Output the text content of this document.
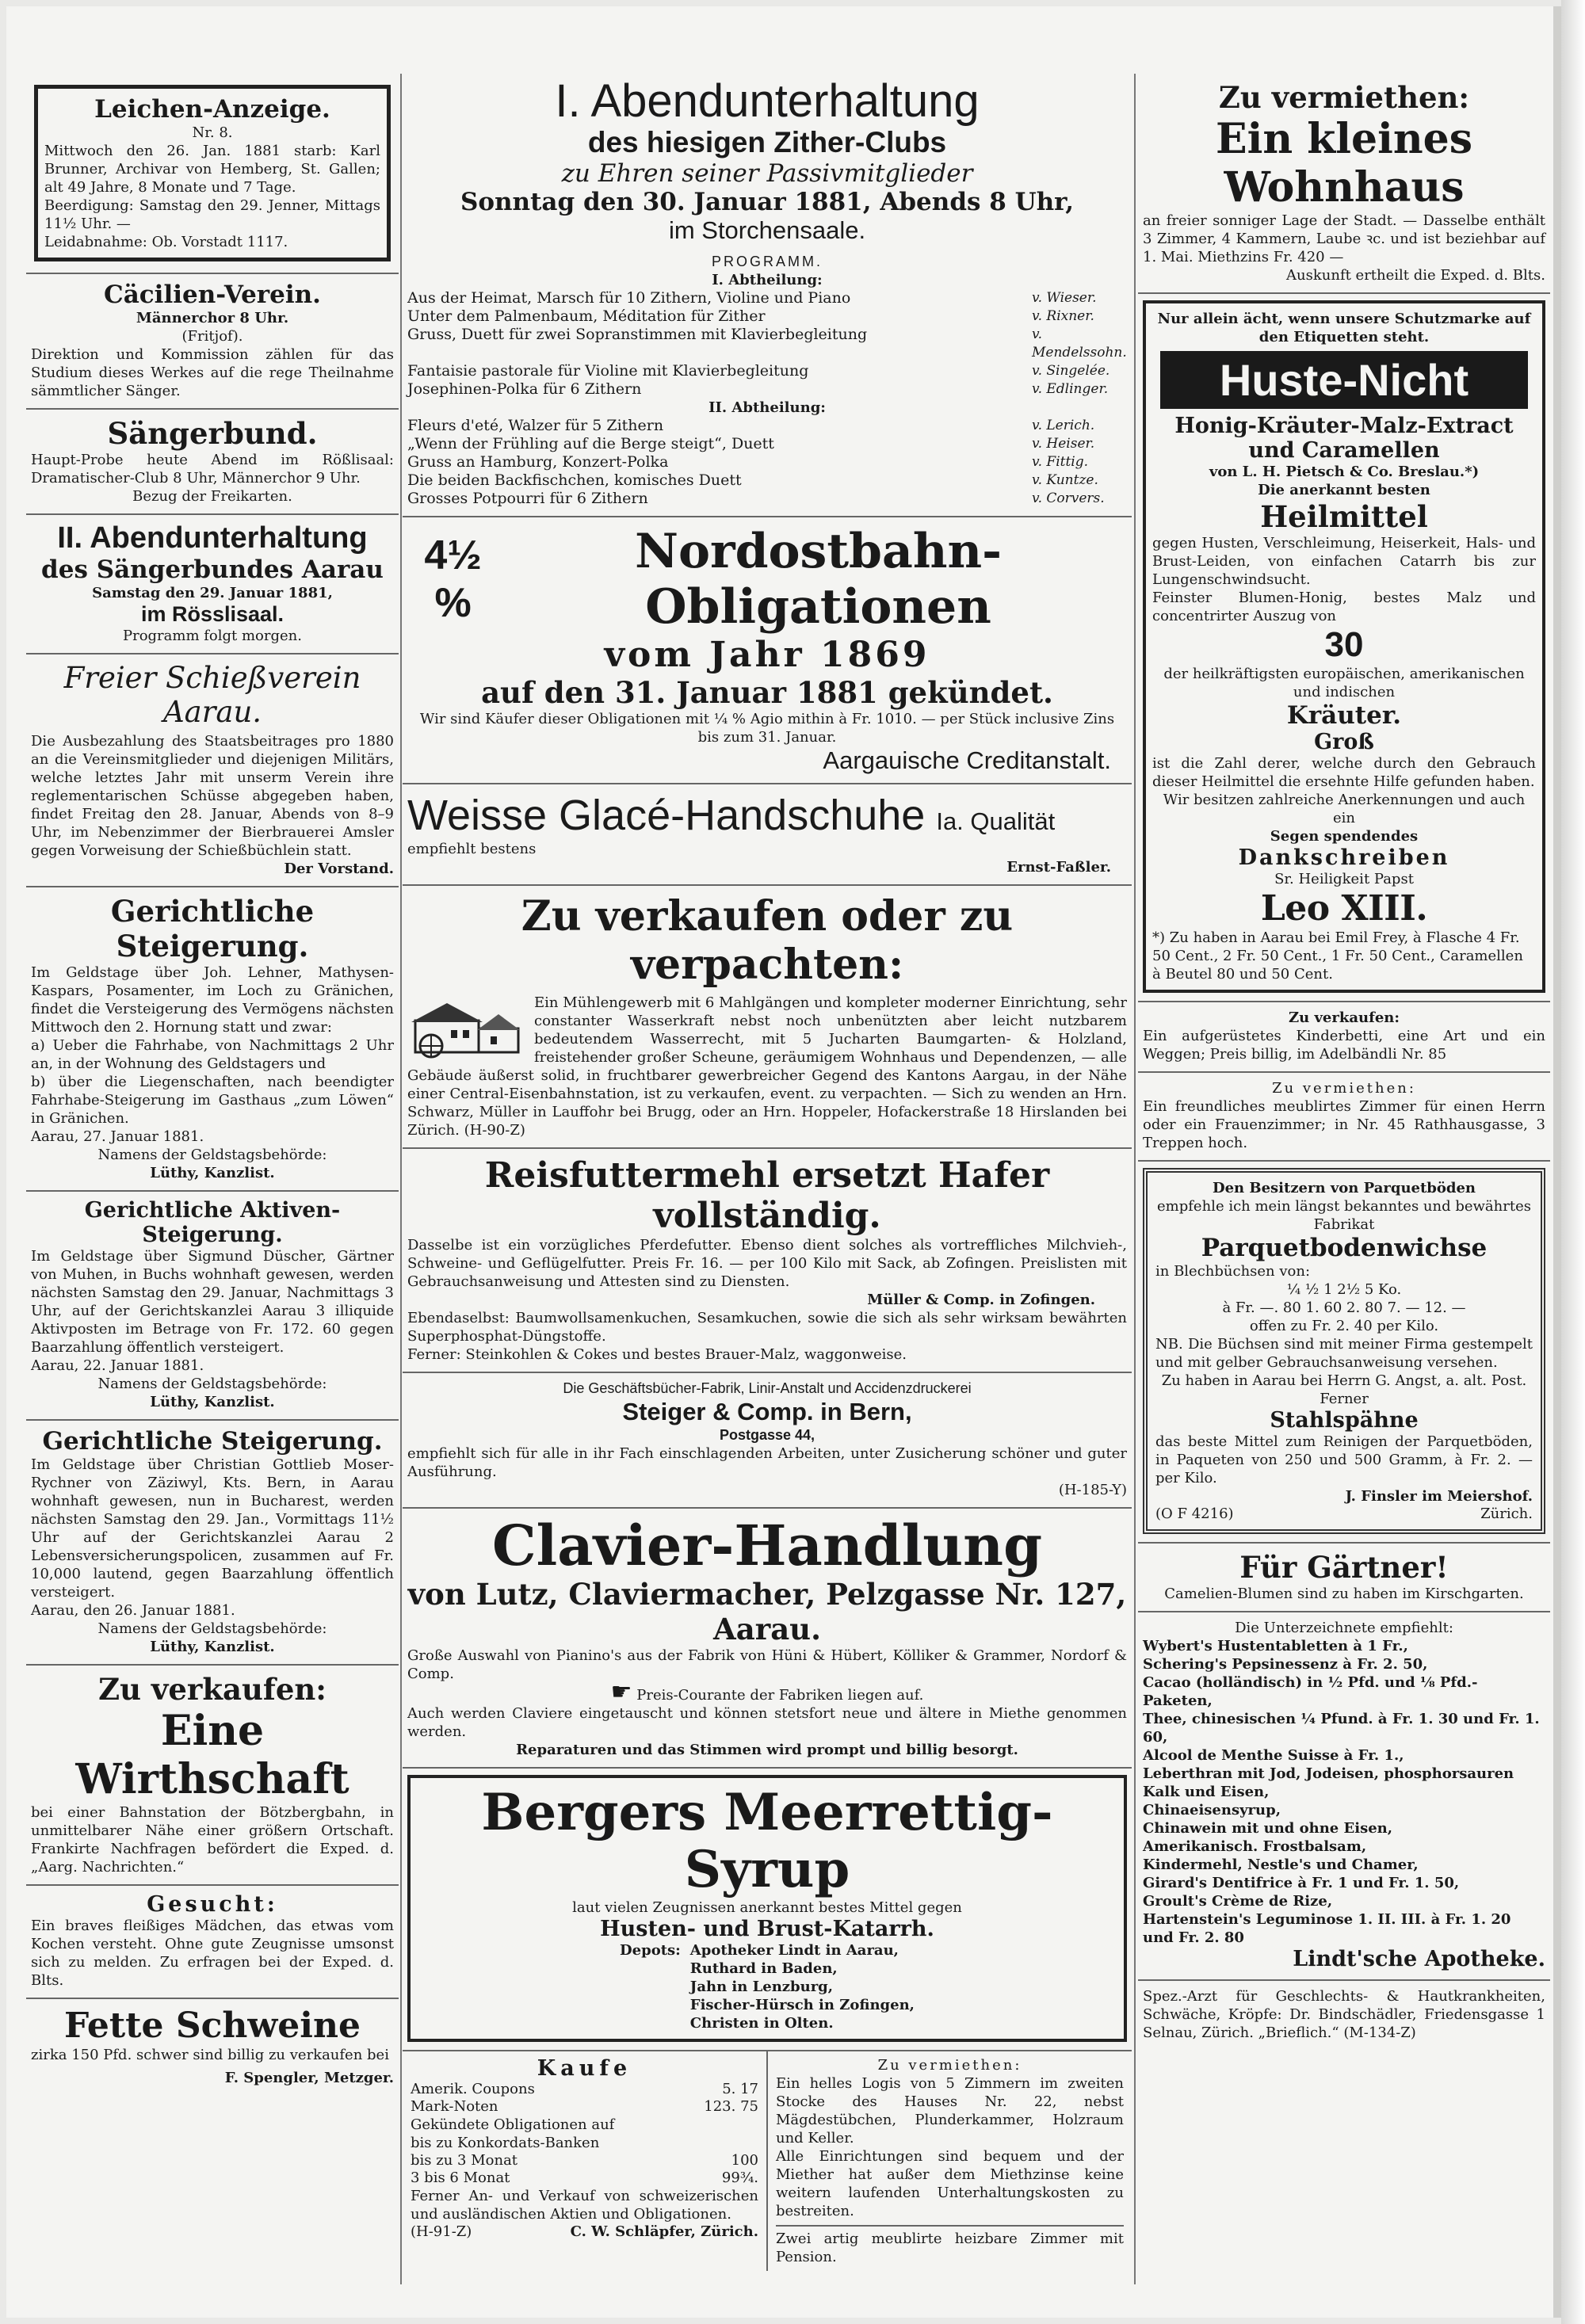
Leichen-Anzeige.
Nr. 8.
Mittwoch den 26. Jan. 1881 starb: Karl Brunner, Archivar von Hemberg, St. Gallen; alt 49 Jahre, 8 Monate und 7 Tage.
Beerdigung: Samstag den 29. Jenner, Mittags 11½ Uhr. —
Leidabnahme: Ob. Vorstadt 1117.
Cäcilien-Verein.
Männerchor 8 Uhr.
(Fritjof).
Direktion und Kommission zählen für das Studium dieses Werkes auf die rege Theilnahme sämmtlicher Sänger.
Sängerbund.
Haupt-Probe heute Abend im Rößlisaal: Dramatischer-Club 8 Uhr, Männerchor 9 Uhr.
Bezug der Freikarten.
II. Abendunterhaltung
des Sängerbundes Aarau
Samstag den 29. Januar 1881,
im Rösslisaal.
Programm folgt morgen.
Freier Schießverein Aarau.
Die Ausbezahlung des Staatsbeitrages pro 1880 an die Vereinsmitglieder und diejenigen Militärs, welche letztes Jahr mit unserm Verein ihre reglementarischen Schüsse abgegeben haben, findet Freitag den 28. Januar, Abends von 8–9 Uhr, im Nebenzimmer der Bierbrauerei Amsler gegen Vorweisung der Schießbüchlein statt.
Der Vorstand.
Gerichtliche Steigerung.
Im Geldstage über Joh. Lehner, Mathysen-Kaspars, Posamenter, im Loch zu Gränichen, findet die Versteigerung des Vermögens nächsten Mittwoch den 2. Hornung statt und zwar:
a) Ueber die Fahrhabe, von Nachmittags 2 Uhr an, in der Wohnung des Geldstagers und
b) über die Liegenschaften, nach beendigter Fahrhabe-Steigerung im Gasthaus „zum Löwen“ in Gränichen.
Aarau, 27. Januar 1881.
Namens der Geldstagsbehörde:
Lüthy, Kanzlist.
Gerichtliche Aktiven-Steigerung.
Im Geldstage über Sigmund Düscher, Gärtner von Muhen, in Buchs wohnhaft gewesen, werden nächsten Samstag den 29. Januar, Nachmittags 3 Uhr, auf der Gerichtskanzlei Aarau 3 illiquide Aktivposten im Betrage von Fr. 172. 60 gegen Baarzahlung öffentlich versteigert.
Aarau, 22. Januar 1881.
Namens der Geldstagsbehörde:
Lüthy, Kanzlist.
Gerichtliche Steigerung.
Im Geldstage über Christian Gottlieb Moser-Rychner von Zäziwyl, Kts. Bern, in Aarau wohnhaft gewesen, nun in Bucharest, werden nächsten Samstag den 29. Jan., Vormittags 11½ Uhr auf der Gerichtskanzlei Aarau 2 Lebensversicherungspolicen, zusammen auf Fr. 10,000 lautend, gegen Baarzahlung öffentlich versteigert.
Aarau, den 26. Januar 1881.
Namens der Geldstagsbehörde:
Lüthy, Kanzlist.
Zu verkaufen:
Eine Wirthschaft
bei einer Bahnstation der Bötzbergbahn, in unmittelbarer Nähe einer größern Ortschaft. Frankirte Nachfragen befördert die Exped. d. „Aarg. Nachrichten.“
Gesucht:
Ein braves fleißiges Mädchen, das etwas vom Kochen versteht. Ohne gute Zeugnisse umsonst sich zu melden. Zu erfragen bei der Exped. d. Blts.
Fette Schweine
zirka 150 Pfd. schwer sind billig zu verkaufen bei
F. Spengler, Metzger.
I. Abendunterhaltung
des hiesigen Zither-Clubs
zu Ehren seiner Passivmitglieder
Sonntag den 30. Januar 1881, Abends 8 Uhr,
im Storchensaale.
PROGRAMM.
I. Abtheilung:
Aus der Heimat, Marsch für 10 Zithern, Violine und Piano	v. Wieser.
Unter dem Palmenbaum, Méditation für Zither	v. Rixner.
Gruss, Duett für zwei Sopranstimmen mit Klavierbegleitung	v. Mendelssohn.
Fantaisie pastorale für Violine mit Klavierbegleitung	v. Singelée.
Josephinen-Polka für 6 Zithern	v. Edlinger.
II. Abtheilung:
Fleurs d'eté, Walzer für 5 Zithern	v. Lerich.
„Wenn der Frühling auf die Berge steigt“, Duett	v. Heiser.
Gruss an Hamburg, Konzert-Polka	v. Fittig.
Die beiden Backfischchen, komisches Duett	v. Kuntze.
Grosses Potpourri für 6 Zithern	v. Corvers.
4½ %
Nordostbahn-Obligationen
vom Jahr 1869
auf den 31. Januar 1881 gekündet.
Wir sind Käufer dieser Obligationen mit ¼ % Agio mithin à Fr. 1010. — per Stück inclusive Zins bis zum 31. Januar.
Aargauische Creditanstalt.
Weisse Glacé-Handschuhe Ia. Qualität
empfiehlt bestens
Ernst-Faßler.
Zu verkaufen oder zu verpachten:
Ein Mühlengewerb mit 6 Mahlgängen und kompleter moderner Einrichtung, sehr constanter Wasserkraft nebst noch unbenützten aber leicht nutzbarem bedeutendem Wasserrecht, mit 5 Jucharten Baumgarten- & Holzland, freistehender großer Scheune, geräumigem Wohnhaus und Dependenzen, — alle Gebäude äußerst solid, in fruchtbarer gewerbreicher Gegend des Kantons Aargau, in der Nähe einer Central-Eisenbahnstation, ist zu verkaufen, event. zu verpachten. — Sich zu wenden an Hrn. Schwarz, Müller in Lauffohr bei Brugg, oder an Hrn. Hoppeler, Hofackerstraße 18 Hirslanden bei Zürich. (H-90-Z)
Reisfuttermehl ersetzt Hafer vollständig.
Dasselbe ist ein vorzügliches Pferdefutter. Ebenso dient solches als vortreffliches Milchvieh-, Schweine- und Geflügelfutter. Preis Fr. 16. — per 100 Kilo mit Sack, ab Zofingen. Preislisten mit Gebrauchsanweisung und Attesten sind zu Diensten.
Müller & Comp. in Zofingen.
Ebendaselbst: Baumwollsamenkuchen, Sesamkuchen, sowie die sich als sehr wirksam bewährten Superphosphat-Düngstoffe.
Ferner: Steinkohlen & Cokes und bestes Brauer-Malz, waggonweise.
Die Geschäftsbücher-Fabrik, Linir-Anstalt und Accidenzdruckerei
Steiger & Comp. in Bern,
Postgasse 44,
empfiehlt sich für alle in ihr Fach einschlagenden Arbeiten, unter Zusicherung schöner und guter Ausführung.
(H-185-Y)
Clavier-Handlung
von Lutz, Claviermacher, Pelzgasse Nr. 127, Aarau.
Große Auswahl von Pianino's aus der Fabrik von Hüni & Hübert, Kölliker & Grammer, Nordorf & Comp.
☛ Preis-Courante der Fabriken liegen auf.
Auch werden Claviere eingetauscht und können stetsfort neue und ältere in Miethe genommen werden.
Reparaturen und das Stimmen wird prompt und billig besorgt.
Bergers Meerrettig-Syrup
laut vielen Zeugnissen anerkannt bestes Mittel gegen
Husten- und Brust-Katarrh.
Depots: Apotheker Lindt in Aarau,
Ruthard in Baden,
Jahn in Lenzburg,
Fischer-Hürsch in Zofingen,
Christen in Olten.
Kaufe
Amerik. Coupons	5. 17
Mark-Noten	123. 75
Gekündete Obligationen auf
bis zu Konkordats-Banken
bis zu 3 Monat	100
3 bis 6 Monat	99¾.
Ferner An- und Verkauf von schweizerischen und ausländischen Aktien und Obligationen.
(H-91-Z)	C. W. Schläpfer, Zürich.
Zu vermiethen:
Ein helles Logis von 5 Zimmern im zweiten Stocke des Hauses Nr. 22, nebst Mägdestübchen, Plunderkammer, Holzraum und Keller.
Alle Einrichtungen sind bequem und der Miether hat außer dem Miethzinse keine weitern laufenden Unterhaltungskosten zu bestreiten.
Zwei artig meublirte heizbare Zimmer mit Pension.
Zu vermiethen:
Ein kleines Wohnhaus
an freier sonniger Lage der Stadt. — Dasselbe enthält 3 Zimmer, 4 Kammern, Laube ꝛc. und ist beziehbar auf 1. Mai. Miethzins Fr. 420 —
Auskunft ertheilt die Exped. d. Blts.
Nur allein ächt, wenn unsere Schutzmarke auf den Etiquetten steht.
Huste-Nicht
Honig-Kräuter-Malz-Extract
und Caramellen
von L. H. Pietsch & Co. Breslau.*)
Die anerkannt besten
Heilmittel
gegen Husten, Verschleimung, Heiserkeit, Hals- und Brust-Leiden, von einfachen Catarrh bis zur Lungenschwindsucht.
Feinster Blumen-Honig, bestes Malz und concentrirter Auszug von
30
der heilkräftigsten europäischen, amerikanischen und indischen
Kräuter.
Groß
ist die Zahl derer, welche durch den Gebrauch dieser Heilmittel die ersehnte Hilfe gefunden haben.
Wir besitzen zahlreiche Anerkennungen und auch ein
Segen spendendes
Dankschreiben
Sr. Heiligkeit Papst
Leo XIII.
*) Zu haben in Aarau bei Emil Frey, à Flasche 4 Fr. 50 Cent., 2 Fr. 50 Cent., 1 Fr. 50 Cent., Caramellen à Beutel 80 und 50 Cent.
Zu verkaufen:
Ein aufgerüstetes Kinderbetti, eine Art und ein Weggen; Preis billig, im Adelbändli Nr. 85
Zu vermiethen:
Ein freundliches meublirtes Zimmer für einen Herrn oder ein Frauenzimmer; in Nr. 45 Rathhausgasse, 3 Treppen hoch.
Den Besitzern von Parquetböden
empfehle ich mein längst bekanntes und bewährtes Fabrikat
Parquetbodenwichse
in Blechbüchsen von:
¼ ½ 1 2½ 5 Ko.
à Fr. —. 80 1. 60 2. 80 7. — 12. —
offen zu Fr. 2. 40 per Kilo.
NB. Die Büchsen sind mit meiner Firma gestempelt und mit gelber Gebrauchsanweisung versehen.
Zu haben in Aarau bei Herrn G. Angst, a. alt. Post.
Ferner
Stahlspähne
das beste Mittel zum Reinigen der Parquetböden, in Paqueten von 250 und 500 Gramm, à Fr. 2. — per Kilo.
J. Finsler im Meiershof.
(O F 4216)	Zürich.
Für Gärtner!
Camelien-Blumen sind zu haben im Kirschgarten.
Die Unterzeichnete empfiehlt:
Wybert's Hustentabletten à 1 Fr.,
Schering's Pepsinessenz à Fr. 2. 50,
Cacao (holländisch) in ½ Pfd. und ⅛ Pfd.-Paketen,
Thee, chinesischen ¼ Pfund. à Fr. 1. 30 und Fr. 1. 60,
Alcool de Menthe Suisse à Fr. 1.,
Leberthran mit Jod, Jodeisen, phosphorsauren Kalk und Eisen,
Chinaeisensyrup,
Chinawein mit und ohne Eisen,
Amerikanisch. Frostbalsam,
Kindermehl, Nestle's und Chamer,
Girard's Dentifrice à Fr. 1 und Fr. 1. 50,
Groult's Crème de Rize,
Hartenstein's Leguminose 1. II. III. à Fr. 1. 20 und Fr. 2. 80
Lindt'sche Apotheke.
Spez.-Arzt für Geschlechts- & Hautkrankheiten, Schwäche, Kröpfe: Dr. Bindschädler, Friedensgasse 1 Selnau, Zürich. „Brieflich.“ (M-134-Z)
